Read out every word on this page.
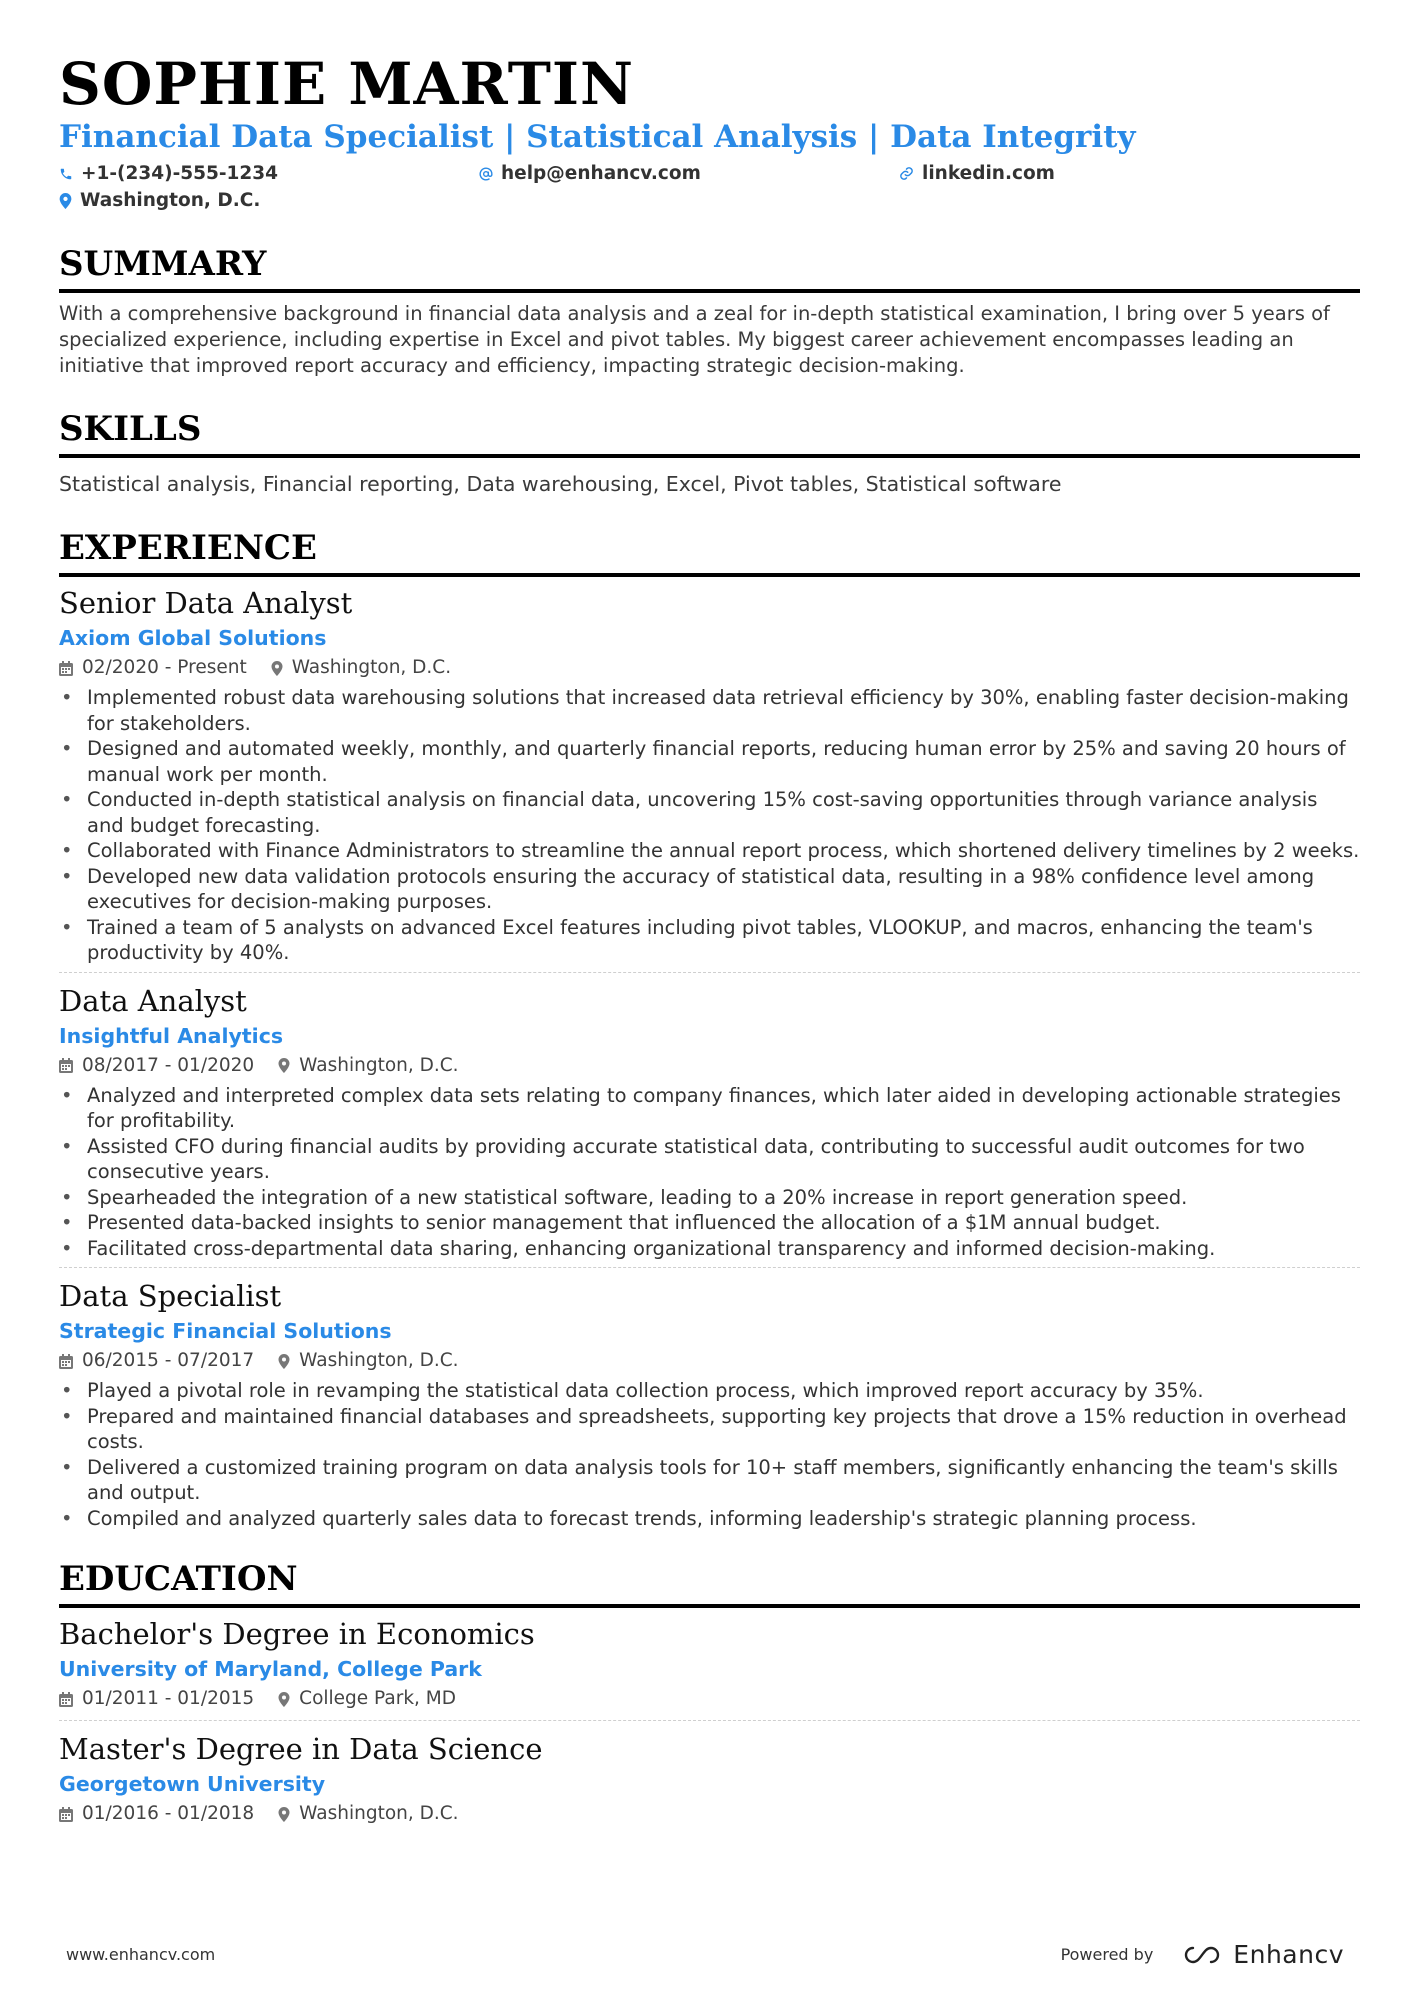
SOPHIE MARTIN
Financial Data Specialist | Statistical Analysis | Data Integrity
+1-(234)-555-1234	help@enhancv.com	linkedin.com
Washington, D.C.
SUMMARY
With a comprehensive background in financial data analysis and a zeal for in-depth statistical examination, I bring over 5 years of specialized experience, including expertise in Excel and pivot tables. My biggest career achievement encompasses leading an initiative that improved report accuracy and efficiency, impacting strategic decision-making.
SKILLS
Statistical analysis, Financial reporting, Data warehousing, Excel, Pivot tables, Statistical software
EXPERIENCE
Senior Data Analyst
Axiom Global Solutions
02/2020 - Present Washington, D.C.
• Implemented robust data warehousing solutions that increased data retrieval efficiency by 30%, enabling faster decision-making for stakeholders.
• Designed and automated weekly, monthly, and quarterly financial reports, reducing human error by 25% and saving 20 hours of manual work per month.
• Conducted in-depth statistical analysis on financial data, uncovering 15% cost-saving opportunities through variance analysis and budget forecasting.
• Collaborated with Finance Administrators to streamline the annual report process, which shortened delivery timelines by 2 weeks.
• Developed new data validation protocols ensuring the accuracy of statistical data, resulting in a 98% confidence level among executives for decision-making purposes.
• Trained a team of 5 analysts on advanced Excel features including pivot tables, VLOOKUP, and macros, enhancing the team's productivity by 40%.
Data Analyst
Insightful Analytics
08/2017 - 01/2020 Washington, D.C.
• Analyzed and interpreted complex data sets relating to company finances, which later aided in developing actionable strategies for profitability.
• Assisted CFO during financial audits by providing accurate statistical data, contributing to successful audit outcomes for two consecutive years.
• Spearheaded the integration of a new statistical software, leading to a 20% increase in report generation speed.
• Presented data-backed insights to senior management that influenced the allocation of a $1M annual budget.
• Facilitated cross-departmental data sharing, enhancing organizational transparency and informed decision-making.
Data Specialist
Strategic Financial Solutions
06/2015 - 07/2017 Washington, D.C.
• Played a pivotal role in revamping the statistical data collection process, which improved report accuracy by 35%.
• Prepared and maintained financial databases and spreadsheets, supporting key projects that drove a 15% reduction in overhead costs.
• Delivered a customized training program on data analysis tools for 10+ staff members, significantly enhancing the team's skills and output.
• Compiled and analyzed quarterly sales data to forecast trends, informing leadership's strategic planning process.
EDUCATION
Bachelor's Degree in Economics
University of Maryland, College Park
01/2011 - 01/2015 College Park, MD
Master's Degree in Data Science
Georgetown University
01/2016 - 01/2018 Washington, D.C.
www.enhancv.com	Powered by	Enhancv
